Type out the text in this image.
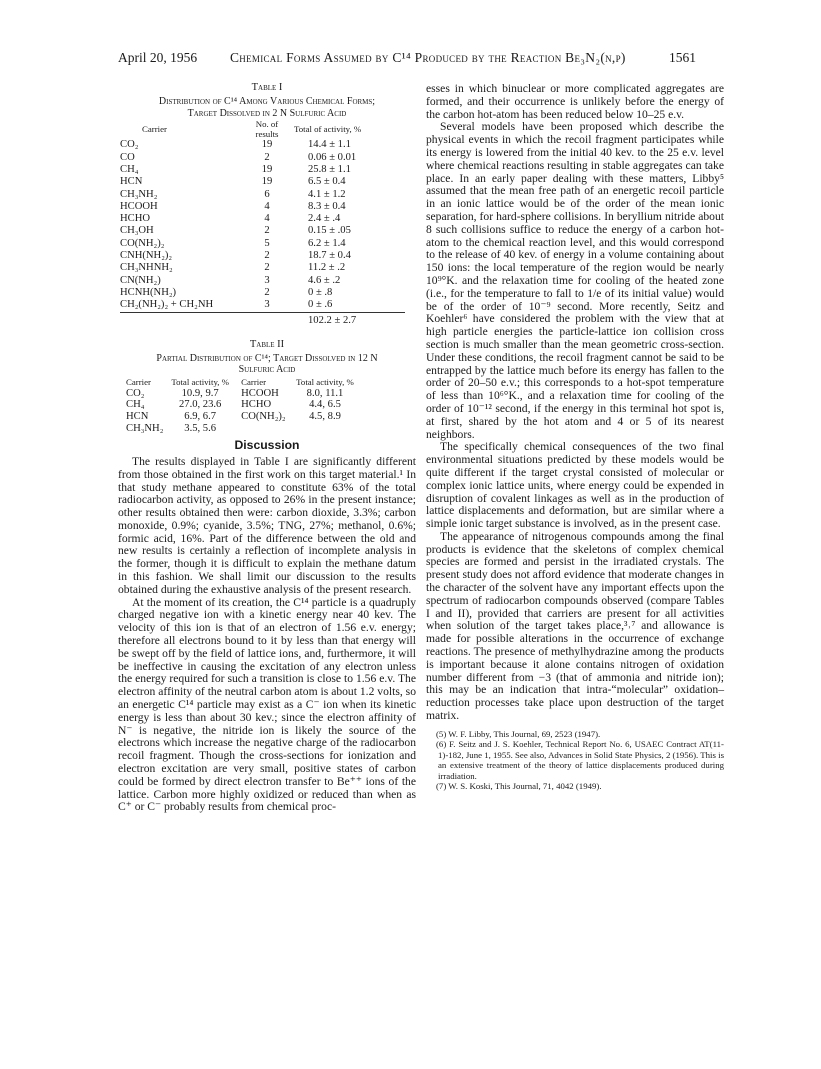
April 20, 1956 Chemical Forms Assumed by C¹⁴ Produced by the Reaction Be₃N₂(n,p)	1561
Table I
Distribution of C¹⁴ Among Various Chemical Forms;
Target Dissolved in 2 N Sulfuric Acid
Carrier	No. of results	Total of activity, %
CO₂	19	14.4 ± 1.1
CO	2	0.06 ± 0.01
CH₄	19	25.8 ± 1.1
HCN	19	6.5 ± 0.4
CH₃NH₂	6	4.1 ± 1.2
HCOOH	4	8.3 ± 0.4
HCHO	4	2.4 ± .4
CH₃OH	2	0.15 ± .05
CO(NH₂)₂	5	6.2 ± 1.4
CNH(NH₂)₂	2	18.7 ± 0.4
CH₃NHNH₂	2	11.2 ± .2
CN(NH₂)	3	4.6 ± .2
HCNH(NH₂)	2	0 ± .8
CH₂(NH₂)₂ + CH₂NH	3	0 ± .6
		102.2 ± 2.7
Table II
Partial Distribution of C¹⁴; Target Dissolved in 12 N
Sulfuric Acid
Carrier	Total activity, %	Carrier	Total activity, %
CO₂	10.9, 9.7	HCOOH	8.0, 11.1
CH₄	27.0, 23.6	HCHO	4.4, 6.5
HCN	6.9, 6.7	CO(NH₂)₂	4.5, 8.9
CH₃NH₂	3.5, 5.6		
Discussion

The results displayed in Table I are significantly different from those obtained in the first work on this target material.¹ In that study methane appeared to constitute 63% of the total radiocarbon activity, as opposed to 26% in the present instance; other results obtained then were: carbon dioxide, 3.3%; carbon monoxide, 0.9%; cyanide, 3.5%; TNG, 27%; methanol, 0.6%; formic acid, 16%. Part of the difference between the old and new results is certainly a reflection of incomplete analysis in the former, though it is difficult to explain the methane datum in this fashion. We shall limit our discussion to the results obtained during the exhaustive analysis of the present research.

At the moment of its creation, the C¹⁴ particle is a quadruply charged negative ion with a kinetic energy near 40 kev. The velocity of this ion is that of an electron of 1.56 e.v. energy; therefore all electrons bound to it by less than that energy will be swept off by the field of lattice ions, and, furthermore, it will be ineffective in causing the excitation of any electron unless the energy required for such a transition is close to 1.56 e.v. The electron affinity of the neutral carbon atom is about 1.2 volts, so an energetic C¹⁴ particle may exist as a C⁻ ion when its kinetic energy is less than about 30 kev.; since the electron affinity of N⁻ is negative, the nitride ion is likely the source of the electrons which increase the negative charge of the radiocarbon recoil fragment. Though the cross-sections for ionization and electron excitation are very small, positive states of carbon could be formed by direct electron transfer to Be⁺⁺ ions of the lattice. Carbon more highly oxidized or reduced than when as C⁺ or C⁻ probably results from chemical proc-

esses in which binuclear or more complicated aggregates are formed, and their occurrence is unlikely before the energy of the carbon hot-atom has been reduced below 10–25 e.v.

Several models have been proposed which describe the physical events in which the recoil fragment participates while its energy is lowered from the initial 40 kev. to the 25 e.v. level where chemical reactions resulting in stable aggregates can take place. In an early paper dealing with these matters, Libby⁵ assumed that the mean free path of an energetic recoil particle in an ionic lattice would be of the order of the mean ionic separation, for hard-sphere collisions. In beryllium nitride about 8 such collisions suffice to reduce the energy of a carbon hot-atom to the chemical reaction level, and this would correspond to the release of 40 kev. of energy in a volume containing about 150 ions: the local temperature of the region would be nearly 10⁹°K. and the relaxation time for cooling of the heated zone (i.e., for the temperature to fall to 1/e of its initial value) would be of the order of 10⁻⁹ second. More recently, Seitz and Koehler⁶ have considered the problem with the view that at high particle energies the particle-lattice ion collision cross section is much smaller than the mean geometric cross-section. Under these conditions, the recoil fragment cannot be said to be entrapped by the lattice much before its energy has fallen to the order of 20–50 e.v.; this corresponds to a hot-spot temperature of less than 10⁶°K., and a relaxation time for cooling of the order of 10⁻¹² second, if the energy in this terminal hot spot is, at first, shared by the hot atom and 4 or 5 of its nearest neighbors.

The specifically chemical consequences of the two final environmental situations predicted by these models would be quite different if the target crystal consisted of molecular or complex ionic lattice units, where energy could be expended in disruption of covalent linkages as well as in the production of lattice displacements and deformation, but are similar where a simple ionic target substance is involved, as in the present case.

The appearance of nitrogenous compounds among the final products is evidence that the skeletons of complex chemical species are formed and persist in the irradiated crystals. The present study does not afford evidence that moderate changes in the character of the solvent have any important effects upon the spectrum of radiocarbon compounds observed (compare Tables I and II), provided that carriers are present for all activities when solution of the target takes place,³˒⁷ and allowance is made for possible alterations in the occurrence of exchange reactions. The presence of methylhydrazine among the products is important because it alone contains nitrogen of oxidation number different from −3 (that of ammonia and nitride ion); this may be an indication that intra-“molecular” oxidation–reduction processes take place upon destruction of the target matrix.

(5) W. F. Libby, This Journal, 69, 2523 (1947).
(6) F. Seitz and J. S. Koehler, Technical Report No. 6, USAEC Contract AT(11-1)-182, June 1, 1955. See also, Advances in Solid State Physics, 2 (1956). This is an extensive treatment of the theory of lattice displacements produced during irradiation.
(7) W. S. Koski, This Journal, 71, 4042 (1949).
